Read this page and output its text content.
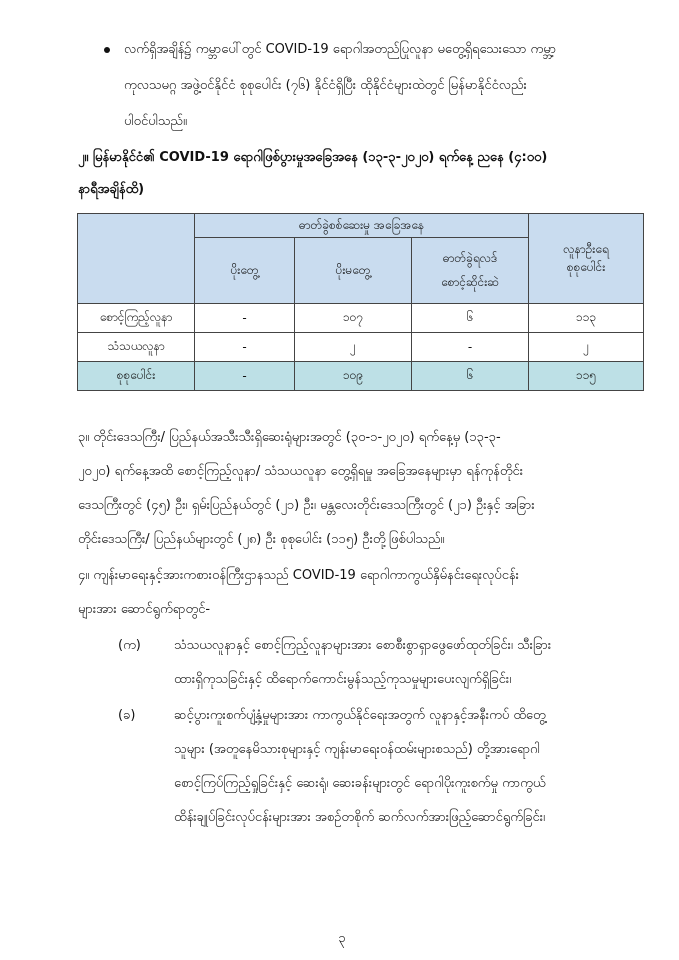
လက်ရှိအချိန်၌ ကမ္ဘာပေါ်တွင် COVID-19 ရောဂါအတည်ပြုလူနာ မတွေ့ရှိရသေးသော ကမ္ဘာ့
ကုလသမဂ္ဂ အဖွဲ့ဝင်နိုင်ငံ စုစုပေါင်း (၇၆) နိုင်ငံရှိပြီး ထိုနိုင်ငံများထဲတွင် မြန်မာနိုင်ငံလည်း
ပါဝင်ပါသည်။
၂။ မြန်မာနိုင်ငံ၏ COVID-19 ရောဂါဖြစ်ပွားမှုအခြေအနေ (၁၃-၃-၂၀၂၀) ရက်နေ့ ညနေ (၄:၀၀)
နာရီအချိန်ထိ)
	ဓာတ်ခွဲစစ်ဆေးမှု အခြေအနေ			လူနာဦးရေ
စုစုပေါင်း

	ပိုးတွေ့	ပိုးမတွေ့	ဓာတ်ခွဲရလဒ်
စောင့်ဆိုင်းဆဲ	

စောင့်ကြည့်လူနာ	-	၁၀၇	၆	၁၁၃
သံသယလူနာ	-	၂	-	၂
စုစုပေါင်း	-	၁၀၉	၆	၁၁၅
၃။ တိုင်းဒေသကြီး/ ပြည်နယ်အသီးသီးရှိဆေးရုံများအတွင် (၃၀-၁-၂၀၂၀) ရက်နေ့မှ (၁၃-၃-
၂၀၂၀) ရက်နေ့အထိ စောင့်ကြည့်လူနာ/ သံသယလူနာ တွေ့ရှိရမှု အခြေအနေများမှာ ရန်ကုန်တိုင်း
ဒေသကြီးတွင် (၄၅) ဦး၊ ရှမ်းပြည်နယ်တွင် (၂၁) ဦး၊ မန္တလေးတိုင်းဒေသကြီးတွင် (၂၁) ဦးနှင့် အခြား
တိုင်းဒေသကြီး/ ပြည်နယ်များတွင် (၂၈) ဦး စုစုပေါင်း (၁၁၅) ဦးတို့ဖြစ်ပါသည်။
၄။ ကျန်းမာရေးနှင့်အားကစားဝန်ကြီးဌာနသည် COVID-19 ရောဂါကာကွယ်နှိမ်နင်းရေးလုပ်ငန်း
များအား ဆောင်ရွက်ရာတွင်-
(က)	သံသယလူနာနှင့် စောင့်ကြည့်လူနာများအား စောစီးစွာရှာဖွေဖော်ထုတ်ခြင်း၊ သီးခြား
ထားရှိကုသခြင်းနှင့် ထိရောက်ကောင်းမွန်သည့်ကုသမှုများပေးလျက်ရှိခြင်း၊
(ခ)	ဆင့်ပွားကူးစက်ပျံ့နှံ့မှုများအား ကာကွယ်နိုင်ရေးအတွက် လူနာနှင့်အနီးကပ် ထိတွေ့
သူများ (အတူနေမိသားစုများနှင့် ကျန်းမာရေးဝန်ထမ်းများစသည်) တို့အားရောဂါ
စောင့်ကြပ်ကြည့်ရှုခြင်းနှင့် ဆေးရုံ၊ ဆေးခန်းများတွင် ရောဂါပိုးကူးစက်မှု ကာကွယ်
ထိန်းချုပ်ခြင်းလုပ်ငန်းများအား အစဉ်တစိုက် ဆက်လက်အားဖြည့်ဆောင်ရွက်ခြင်း၊
၃
